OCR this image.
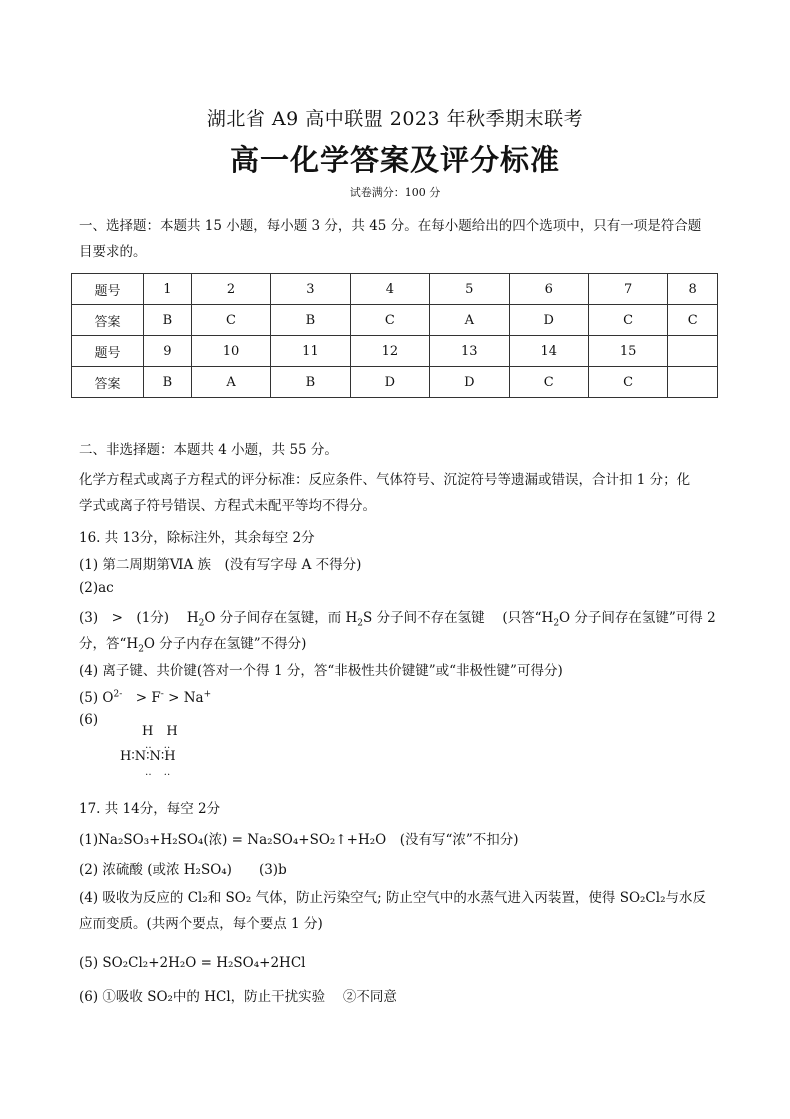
湖北省 A9 高中联盟 2023 年秋季期末联考
高一化学答案及评分标准
试卷满分：100 分
一、选择题：本题共 15 小题，每小题 3 分，共 45 分。在每小题给出的四个选项中，只有一项是符合题
目要求的。
题号	1	2	3	4	5	6	7	8
答案	B	C	B	C	A	D	C	C
题号	9	10	11	12	13	14	15	
答案	B	A	B	D	D	C	C	
二、非选择题：本题共 4 小题，共 55 分。
化学方程式或离子方程式的评分标准：反应条件、气体符号、沉淀符号等遗漏或错误，合计扣 1 分；化
学式或离子符号错误、方程式未配平等均不得分。
16. 共 13分，除标注外，其余每空 2分
(1) 第二周期第ⅥA 族　(没有写字母 A 不得分)
(2)ac
(3)　>　(1分)　 $H_2O$ 分子间存在氢键，而 $H_2S$ 分子间不存在氢键　 (只答“$H_2O$ 分子间存在氢键”可得 2
分，答“$H_2O$ 分子内存在氢键”不得分)
(4) 离子键、共价键(答对一个得 1 分，答“非极性共价键键”或“非极性键”可得分)
(5) $O^{2-}$　> F- > Na+
(6)
H　H
‥　‥
H∶N∶N∶H
‥　‥
17. 共 14分，每空 2分
(1)Na₂SO₃+H₂SO₄(浓) = Na₂SO₄+SO₂↑+H₂O　(没有写“浓”不扣分)
(2) 浓硫酸 (或浓 H₂SO₄)　　(3)b
(4) 吸收为反应的 Cl₂和 SO₂ 气体，防止污染空气; 防止空气中的水蒸气进入丙装置，使得 SO₂Cl₂与水反
应而变质。(共两个要点，每个要点 1 分)
(5) SO₂Cl₂+2H₂O = H₂SO₄+2HCl
(6) ①吸收 SO₂中的 HCl，防止干扰实验　 ②不同意
